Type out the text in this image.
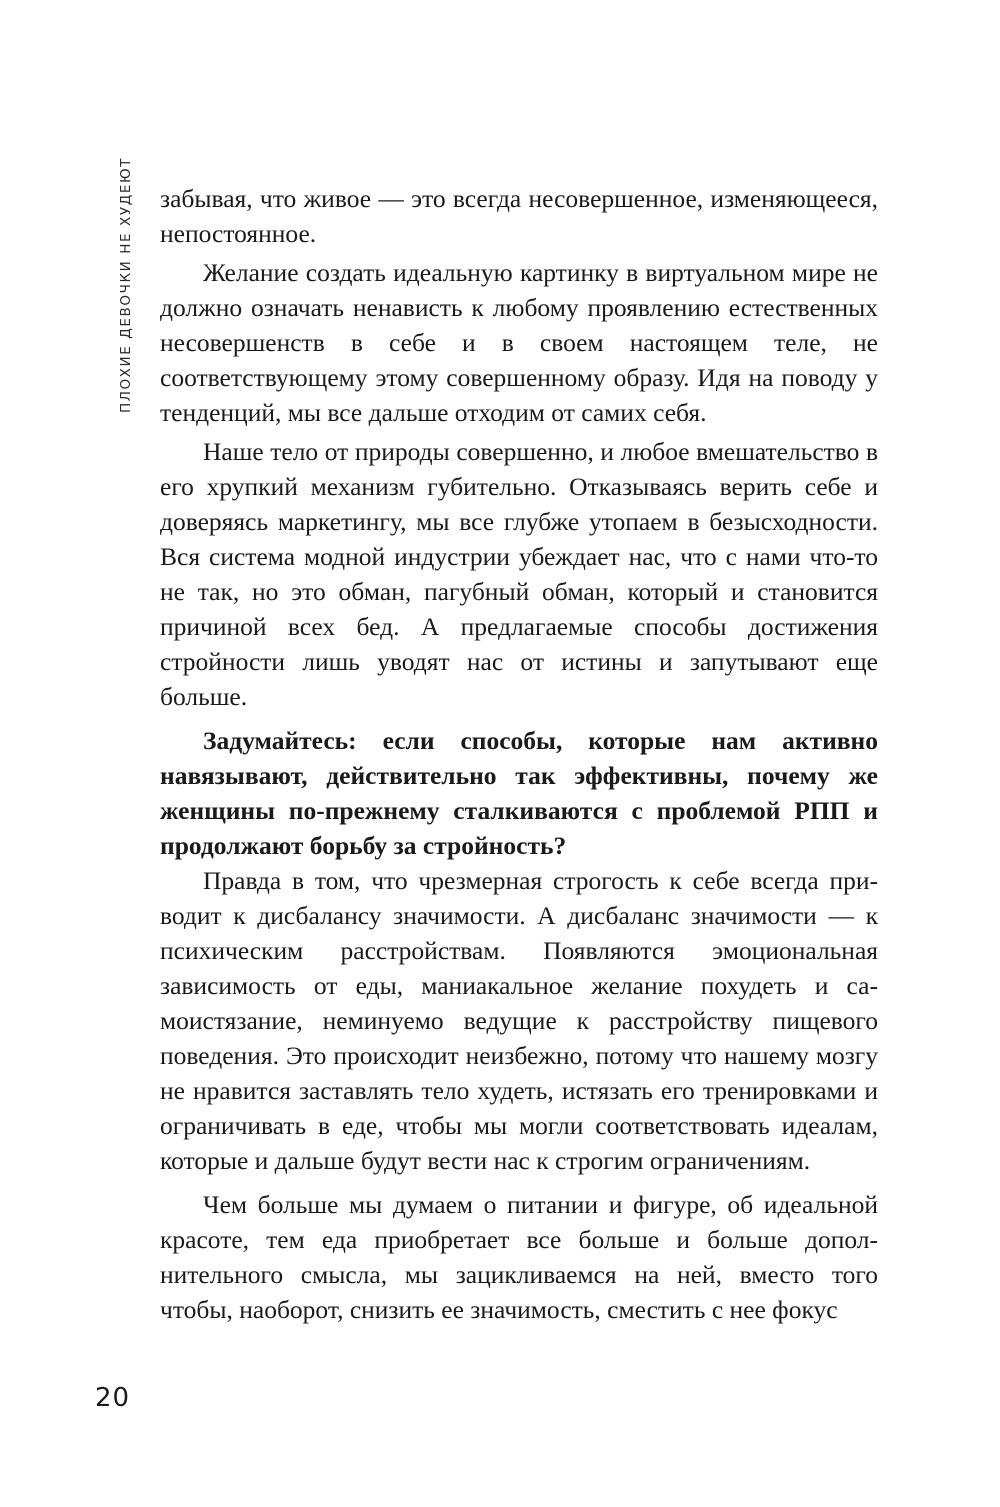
ПЛОХИЕ ДЕВОЧКИ НЕ ХУДЕЮТ забывая, что живое — это всегда несовершенное, изменяющееся, непостоянное.

Желание создать идеальную картинку в виртуальном мире не должно означать ненависть к любому проявлению естественных несовершенств в себе и в своем настоящем теле, не соответствующему этому совершенному образу. Идя на поводу у тенденций, мы все дальше отходим от самих себя.

Наше тело от природы совершенно, и любое вмешательство в его хрупкий механизм губительно. Отказываясь верить себе и доверяясь маркетингу, мы все глубже утопаем в безысходности. Вся система модной индустрии убеждает нас, что с нами что-то не так, но это обман, пагубный обман, который и становится причиной всех бед. А предлагаемые способы достижения стройности лишь уводят нас от истины и запутывают еще больше.

Задумайтесь: если способы, которые нам активно навязывают, действительно так эффективны, почему же женщины по-прежнему сталкиваются с проблемой РПП и продолжают борьбу за стройность?

Правда в том, что чрезмерная строгость к себе всегда приводит к дисбалансу значимости. А дисбаланс значимости — к психическим расстройствам. Появляются эмоциональная зависимость от еды, маниакальное желание похудеть и самоистязание, неминуемо ведущие к расстройству пищевого поведения. Это происходит неизбежно, потому что нашему мозгу не нравится заставлять тело худеть, истязать его тренировками и ограничивать в еде, чтобы мы могли соответствовать идеалам, которые и дальше будут вести нас к строгим ограничениям.

Чем больше мы думаем о питании и фигуре, об идеальной красоте, тем еда приобретает все больше и больше дополнительного смысла, мы зацикливаемся на ней, вместо того чтобы, наоборот, снизить ее значимость, сместить с нее фокус

20
